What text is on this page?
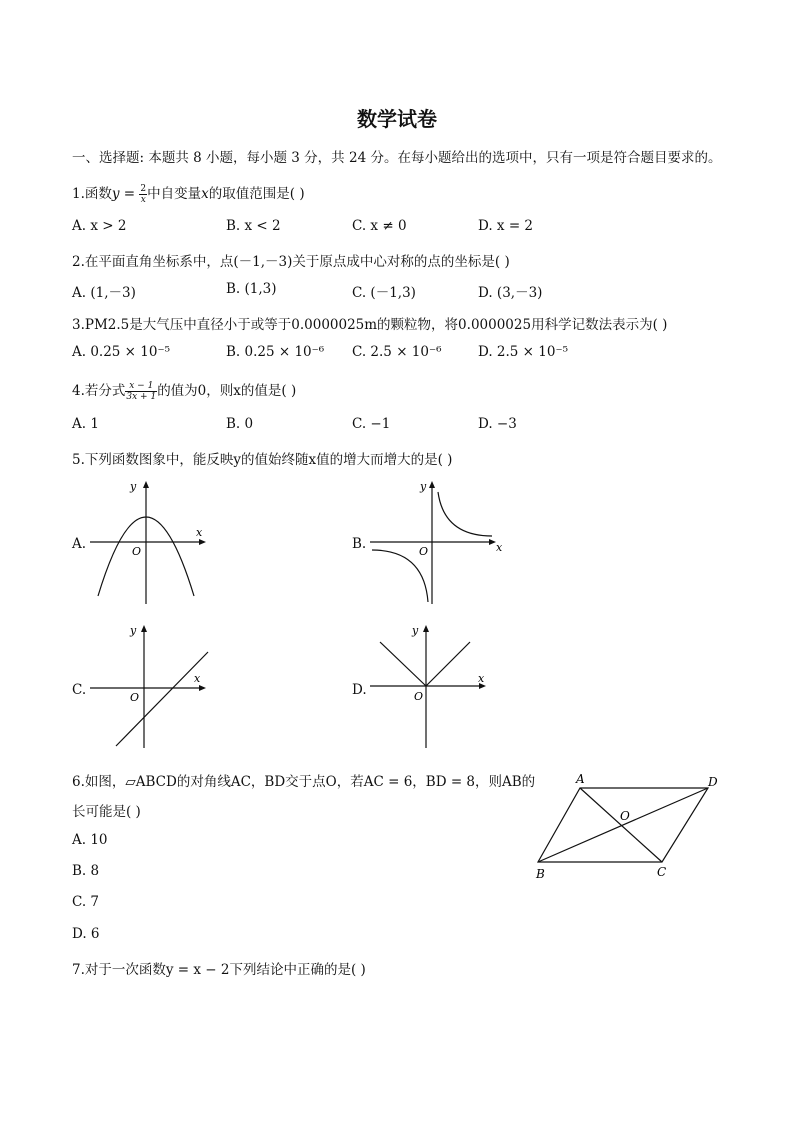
数学试卷
一、选择题: 本题共 8 小题，每小题 3 分，共 24 分。在每小题给出的选项中，只有一项是符合题目要求的。
1.函数$y = \frac{2}{x}$ 中自变量x的取值范围是( )
A. x > 2	B. x < 2	C. x ≠ 0	D. x = 2
2.在平面直角坐标系中，点(－1,－3)关于原点成中心对称的点的坐标是( )
A. (1,－3)	B. (1,3)	C. (－1,3)	D. (3,－3)
3.PM2.5是大气压中直径小于或等于0.0000025m的颗粒物，将0.0000025用科学记数法表示为( )
A. 0.25 × 10⁻⁵	B. 0.25 × 10⁻⁶ C. 2.5 × 10⁻⁶	D. 2.5 × 10⁻⁵
4.若分式 $\frac{x - 1}{3x + 1}$ 的值为0，则x的值是( )
A. 1	B. 0	C. −1	D. −3
5.下列函数图象中，能反映y的值始终随x值的增大而增大的是( )
A.
y
x
O	B.
y
x
O
C.
y
x
O	D.
y
x
O
6.如图，▱ABCD的对角线AC，BD交于点O，若AC = 6，BD = 8，则AB的
长可能是( )
A. 10
B. 8
C. 7
D. 6
A	D
B	C
O
7.对于一次函数y = x − 2下列结论中正确的是( )
